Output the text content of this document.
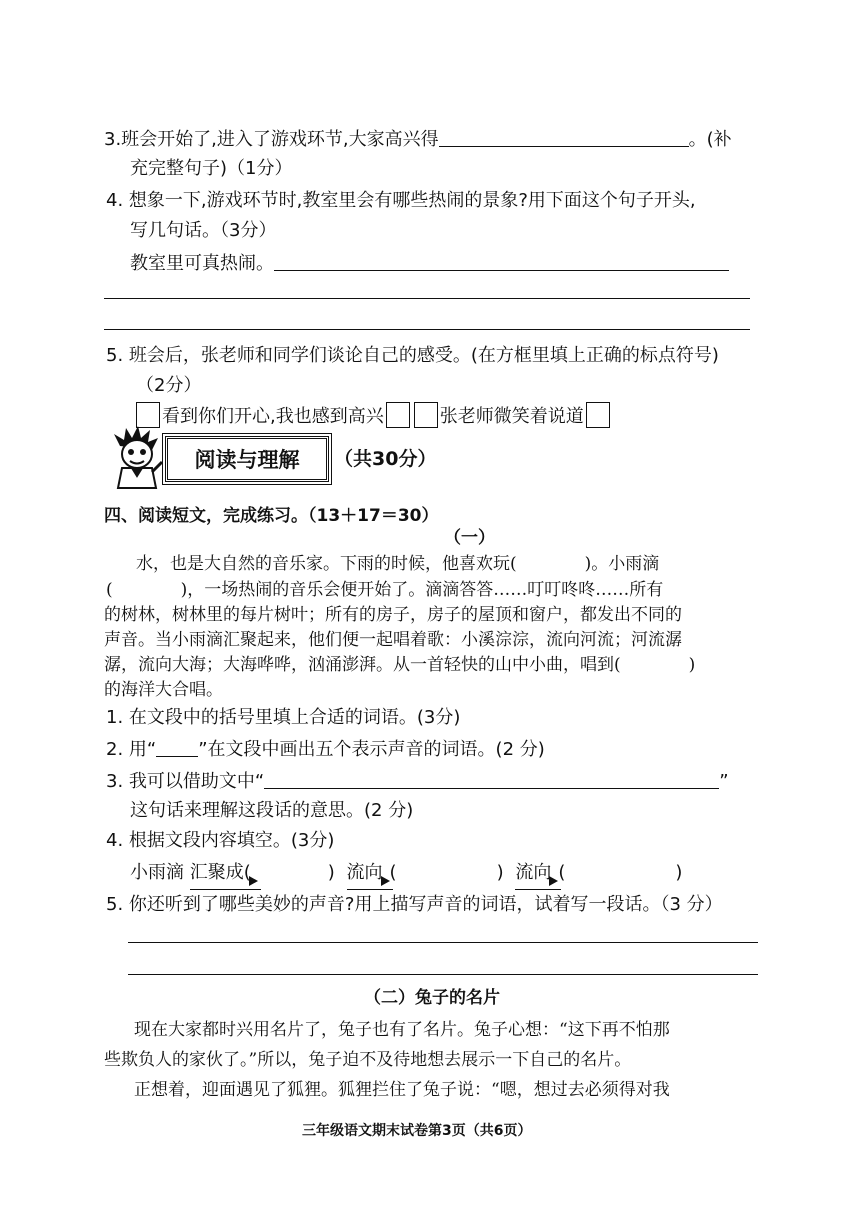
3.班会开始了,进入了游戏环节,大家高兴得	。(补
充完整句子)（1分）
4. 想象一下,游戏环节时,教室里会有哪些热闹的景象?用下面这个句子开头,
写几句话。（3分）
教室里可真热闹。
5. 班会后，张老师和同学们谈论自己的感受。(在方框里填上正确的标点符号)
（2分）
看到你们开心,我也感到高兴	张老师微笑着说道
阅读与理解 （共30分）
四、阅读短文，完成练习。（13＋17＝30）
（一）
水，也是大自然的音乐家。下雨的时候，他喜欢玩(　　　　)。小雨滴
(　　　　)，一场热闹的音乐会便开始了。滴滴答答……叮叮咚咚……所有
的树林，树林里的每片树叶；所有的房子，房子的屋顶和窗户，都发出不同的
声音。当小雨滴汇聚起来，他们便一起唱着歌：小溪淙淙，流向河流；河流潺
潺，流向大海；大海哗哗，汹涌澎湃。从一首轻快的山中小曲，唱到(　　　　)
的海洋大合唱。
1. 在文段中的括号里填上合适的词语。(3分)
2. 用“ ”在文段中画出五个表示声音的词语。(2 分)
3. 我可以借助文中“	”
这句话来理解这段话的意思。(2 分)
4. 根据文段内容填空。(3分)
小雨滴 汇聚成(	) 流向 (	) 流向 (	)
5. 你还听到了哪些美妙的声音?用上描写声音的词语，试着写一段话。（3 分）
（二）兔子的名片
现在大家都时兴用名片了，兔子也有了名片。兔子心想：“这下再不怕那
些欺负人的家伙了。”所以，兔子迫不及待地想去展示一下自己的名片。
正想着，迎面遇见了狐狸。狐狸拦住了兔子说：“嗯，想过去必须得对我
三年级语文期末试卷第3页（共6页）
